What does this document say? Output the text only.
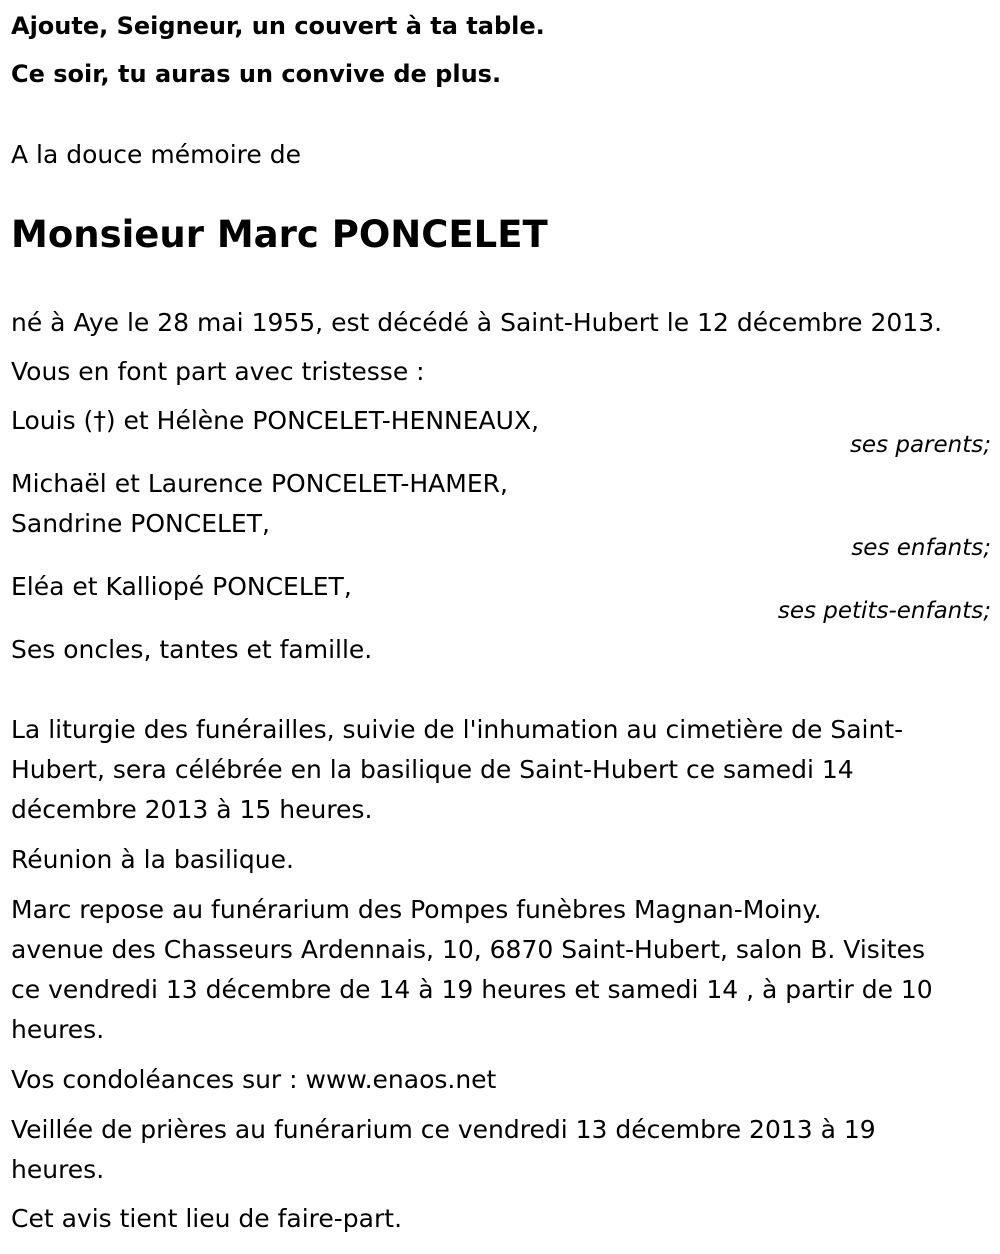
Ajoute, Seigneur, un couvert à ta table.

Ce soir, tu auras un convive de plus.

A la douce mémoire de

Monsieur Marc PONCELET

né à Aye le 28 mai 1955, est décédé à Saint-Hubert le 12 décembre 2013.

Vous en font part avec tristesse :

Louis (†) et Hélène PONCELET-HENNEAUX,

ses parents;

Michaël et Laurence PONCELET-HAMER,

Sandrine PONCELET,

ses enfants;

Eléa et Kalliopé PONCELET,

ses petits-enfants;

Ses oncles, tantes et famille.

La liturgie des funérailles, suivie de l'inhumation au cimetière de Saint-

Hubert, sera célébrée en la basilique de Saint-Hubert ce samedi 14

décembre 2013 à 15 heures.

Réunion à la basilique.

Marc repose au funérarium des Pompes funèbres Magnan-Moiny.

avenue des Chasseurs Ardennais, 10, 6870 Saint-Hubert, salon B. Visites

ce vendredi 13 décembre de 14 à 19 heures et samedi 14 , à partir de 10

heures.

Vos condoléances sur : www.enaos.net

Veillée de prières au funérarium ce vendredi 13 décembre 2013 à 19

heures.

Cet avis tient lieu de faire-part.
